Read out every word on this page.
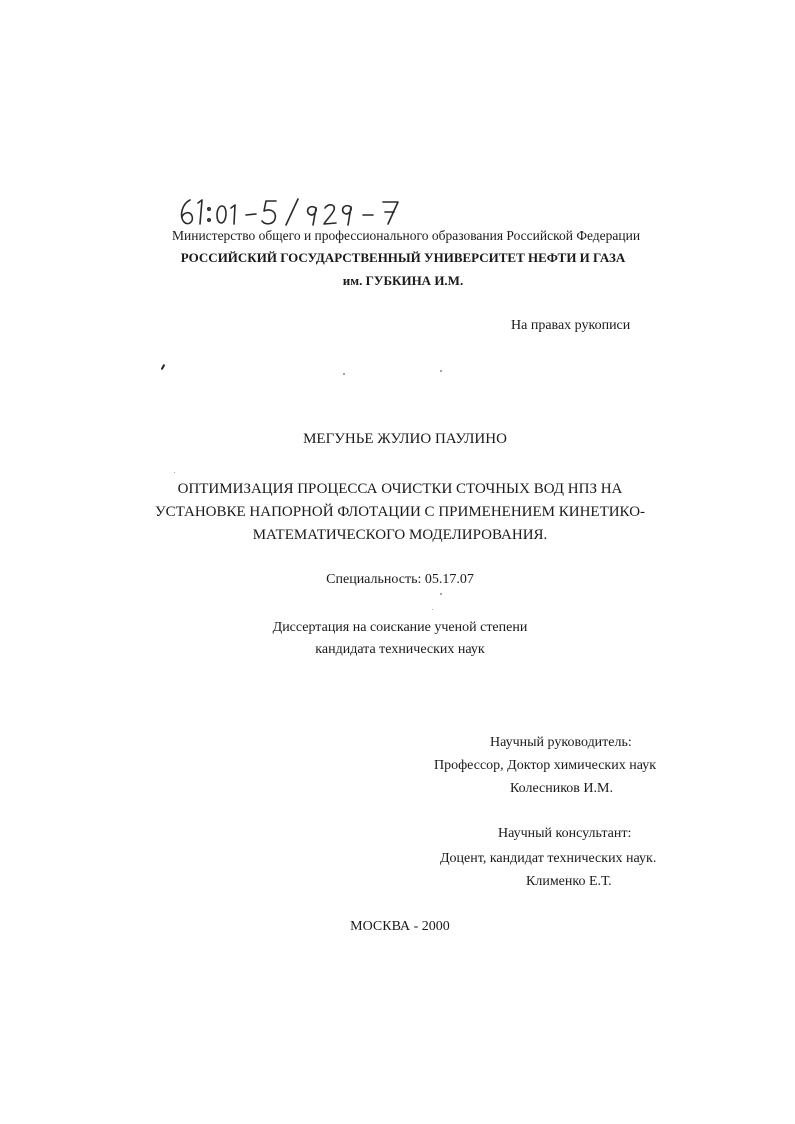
Министерство общего и профессионального образования Российской Федерации
РОССИЙСКИЙ ГОСУДАРСТВЕННЫЙ УНИВЕРСИТЕТ НЕФТИ И ГАЗА
им. ГУБКИНА И.М.
На правах рукописи
МЕГУНЬЕ ЖУЛИО ПАУЛИНО
ОПТИМИЗАЦИЯ ПРОЦЕССА ОЧИСТКИ СТОЧНЫХ ВОД НПЗ НА
УСТАНОВКЕ НАПОРНОЙ ФЛОТАЦИИ С ПРИМЕНЕНИЕМ КИНЕТИКО-
МАТЕМАТИЧЕСКОГО МОДЕЛИРОВАНИЯ.
Специальность: 05.17.07
Диссертация на соискание ученой степени
кандидата технических наук
Научный руководитель:
Профессор, Доктор химических наук
Колесников И.М.
Научный консультант:
Доцент, кандидат технических наук.
Клименко Е.Т.
МОСКВА - 2000
